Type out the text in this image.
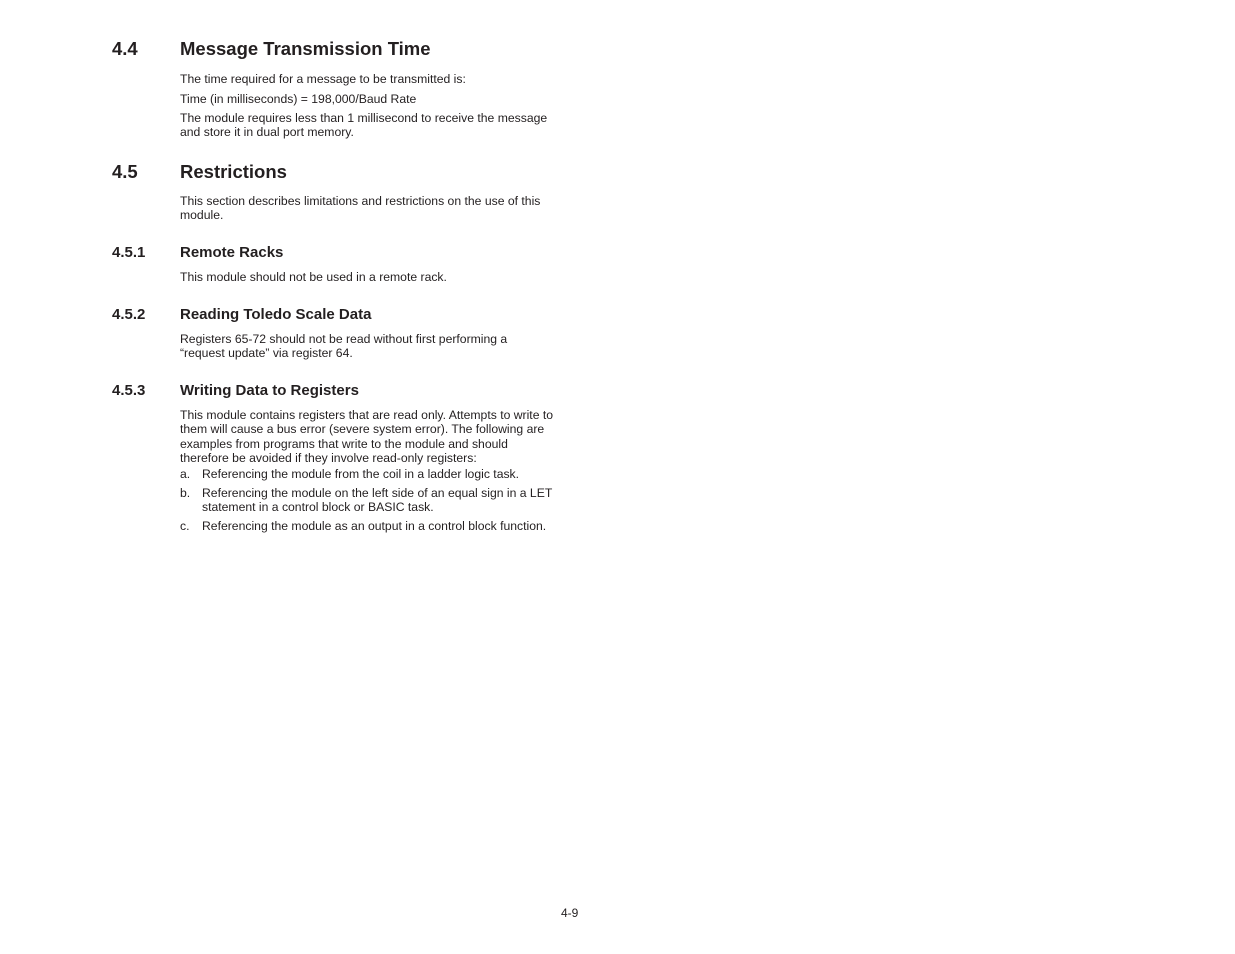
4.4 Message Transmission Time
The time required for a message to be transmitted is:
Time (in milliseconds) = 198,000/Baud Rate
The module requires less than 1 millisecond to receive the message
and store it in dual port memory.
4.5 Restrictions
This section describes limitations and restrictions on the use of this
module.
4.5.1 Remote Racks
This module should not be used in a remote rack.
4.5.2 Reading Toledo Scale Data
Registers 65-72 should not be read without first performing a
“request update” via register 64.
4.5.3 Writing Data to Registers
This module contains registers that are read only. Attempts to write to
them will cause a bus error (severe system error). The following are
examples from programs that write to the module and should
therefore be avoided if they involve read-only registers:
a. Referencing the module from the coil in a ladder logic task.
b. Referencing the module on the left side of an equal sign in a LET
statement in a control block or BASIC task.
c. Referencing the module as an output in a control block function.
4-9
